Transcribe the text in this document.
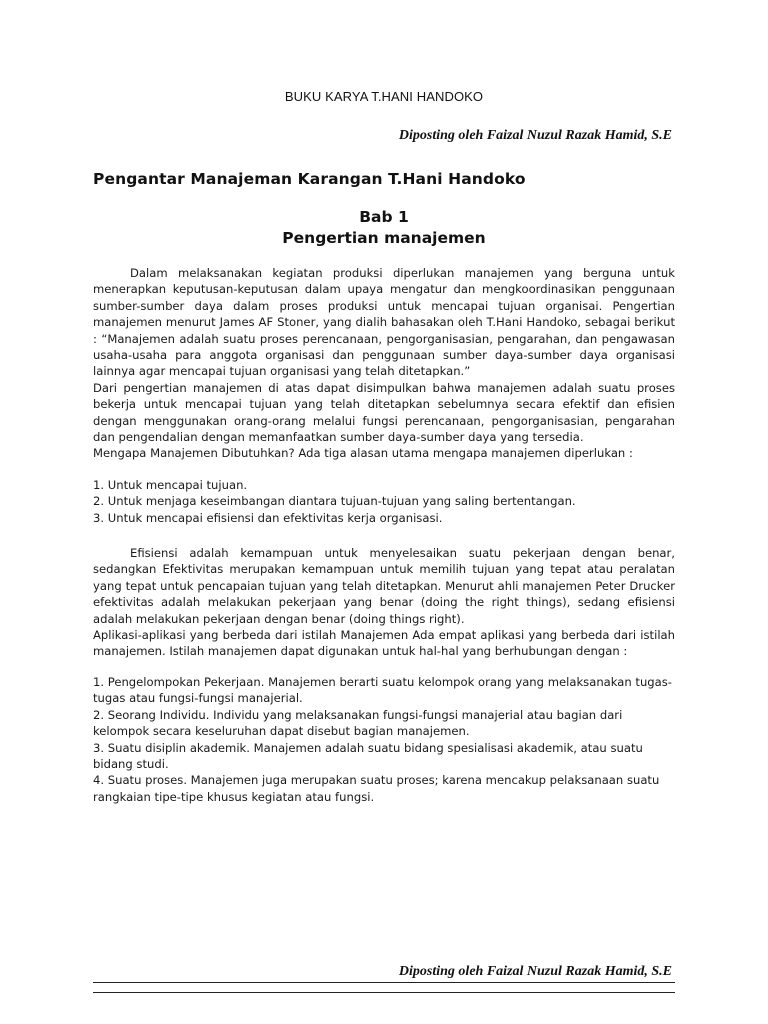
BUKU KARYA T.HANI HANDOKO
Diposting oleh Faizal Nuzul Razak Hamid, S.E
Pengantar Manajeman Karangan T.Hani Handoko
Bab 1
Pengertian manajemen

Dalam melaksanakan kegiatan produksi diperlukan manajemen yang berguna untuk menerapkan keputusan-keputusan dalam upaya mengatur dan mengkoordinasikan penggunaan sumber-sumber daya dalam proses produksi untuk mencapai tujuan organisai. Pengertian manajemen menurut James AF Stoner, yang dialih bahasakan oleh T.Hani Handoko, sebagai berikut : “Manajemen adalah suatu proses perencanaan, pengorganisasian, pengarahan, dan pengawasan usaha-usaha para anggota organisasi dan penggunaan sumber daya-sumber daya organisasi lainnya agar mencapai tujuan organisasi yang telah ditetapkan.”

Dari pengertian manajemen di atas dapat disimpulkan bahwa manajemen adalah suatu proses bekerja untuk mencapai tujuan yang telah ditetapkan sebelumnya secara efektif dan efisien dengan menggunakan orang-orang melalui fungsi perencanaan, pengorganisasian, pengarahan dan pengendalian dengan memanfaatkan sumber daya-sumber daya yang tersedia.

Mengapa Manajemen Dibutuhkan? Ada tiga alasan utama mengapa manajemen diperlukan :

1. Untuk mencapai tujuan.

2. Untuk menjaga keseimbangan diantara tujuan-tujuan yang saling bertentangan.

3. Untuk mencapai efisiensi dan efektivitas kerja organisasi.

Efisiensi adalah kemampuan untuk menyelesaikan suatu pekerjaan dengan benar, sedangkan Efektivitas merupakan kemampuan untuk memilih tujuan yang tepat atau peralatan yang tepat untuk pencapaian tujuan yang telah ditetapkan. Menurut ahli manajemen Peter Drucker efektivitas adalah melakukan pekerjaan yang benar (doing the right things), sedang efisiensi adalah melakukan pekerjaan dengan benar (doing things right).

Aplikasi-aplikasi yang berbeda dari istilah Manajemen Ada empat aplikasi yang berbeda dari istilah manajemen. Istilah manajemen dapat digunakan untuk hal-hal yang berhubungan dengan :

1. Pengelompokan Pekerjaan. Manajemen berarti suatu kelompok orang yang melaksanakan tugas-tugas atau fungsi-fungsi manajerial.

2. Seorang Individu. Individu yang melaksanakan fungsi-fungsi manajerial atau bagian dari kelompok secara keseluruhan dapat disebut bagian manajemen.

3. Suatu disiplin akademik. Manajemen adalah suatu bidang spesialisasi akademik, atau suatu bidang studi.

4. Suatu proses. Manajemen juga merupakan suatu proses; karena mencakup pelaksanaan suatu rangkaian tipe-tipe khusus kegiatan atau fungsi.

Diposting oleh Faizal Nuzul Razak Hamid, S.E
